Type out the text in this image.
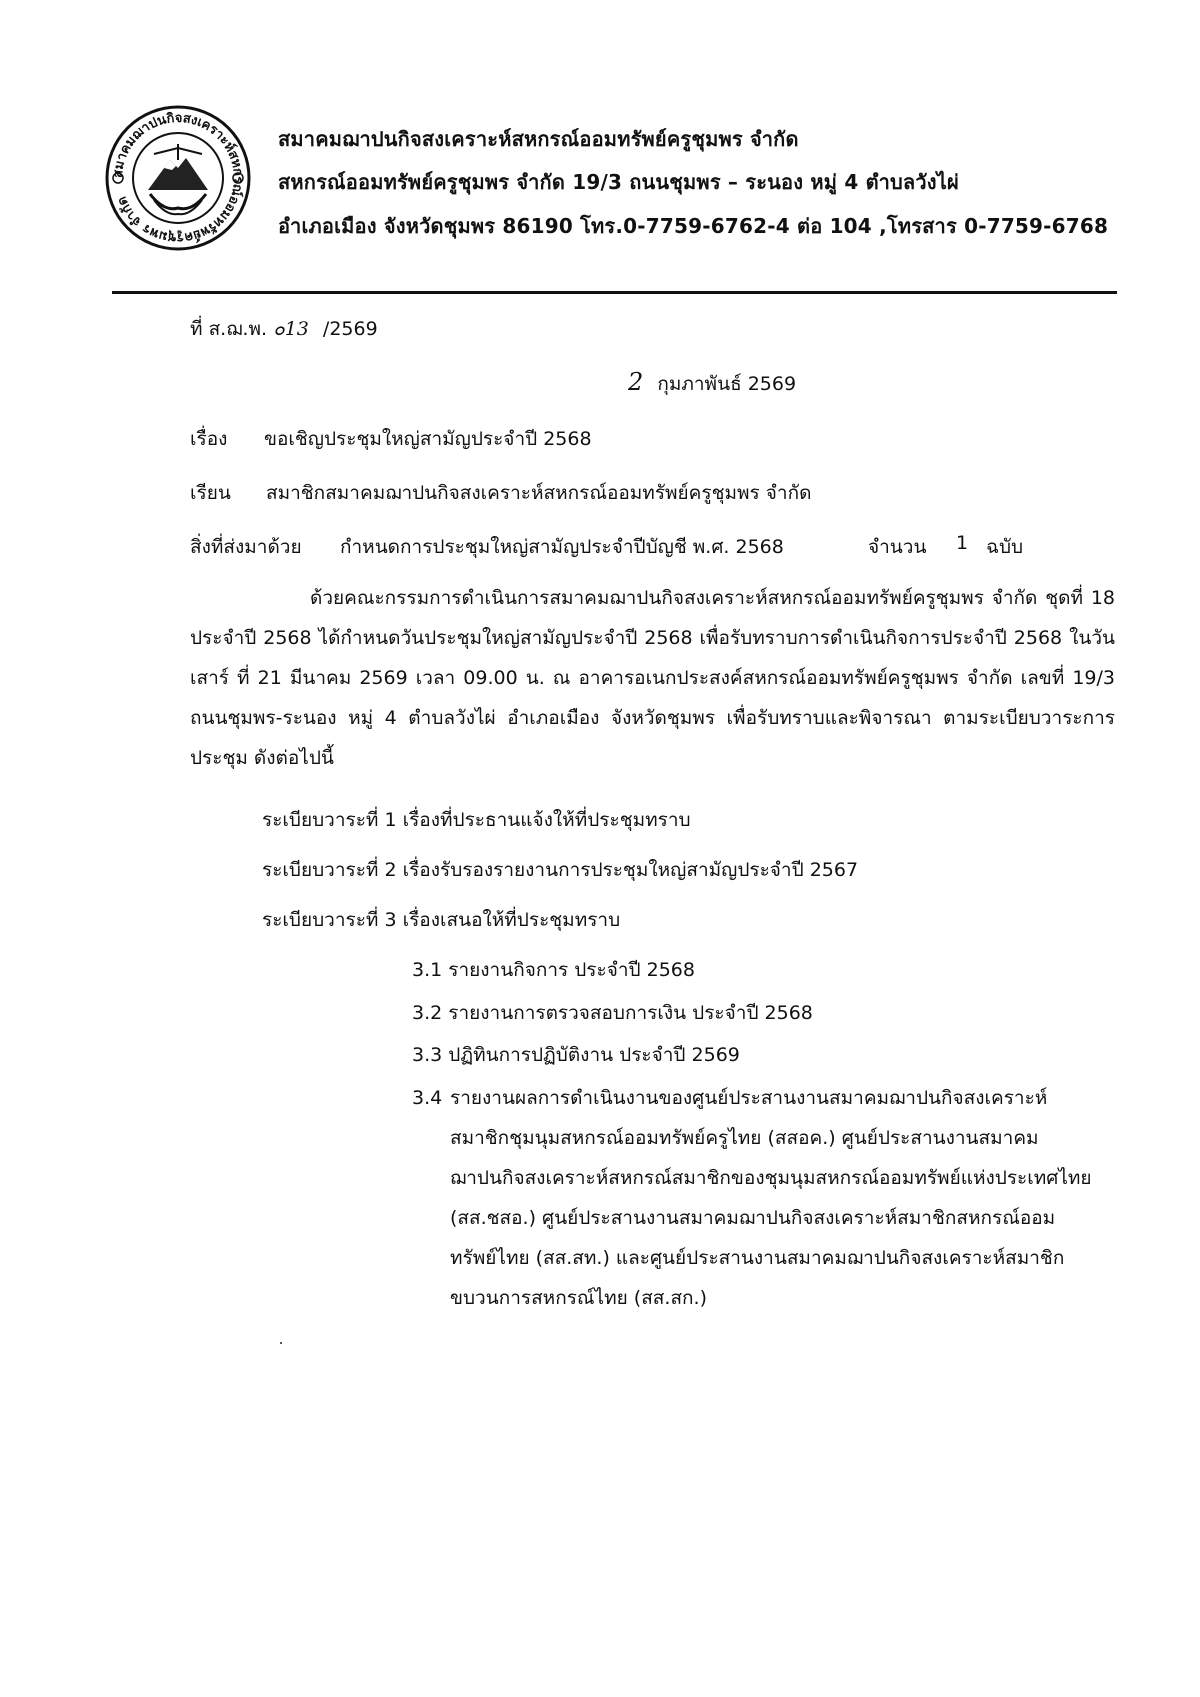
สมาคมฌาปนกิจสงเคราะห์สหกรณ์ออมทรัพย์ครูชุมพร จำกัด
สมาคมฌาปนกิจสงเคราะห์สหกรณ์ออมทรัพย์ครูชุมพร จำกัด
สหกรณ์ออมทรัพย์ครูชุมพร จำกัด 19/3 ถนนชุมพร – ระนอง หมู่ 4 ตำบลวังไผ่
อำเภอเมือง จังหวัดชุมพร 86190 โทร.0-7759-6762-4 ต่อ 104 ,โทรสาร 0-7759-6768
ที่ ส.ฌ.พ. ๐13 /2569
2 กุมภาพันธ์ 2569
เรื่อง ขอเชิญประชุมใหญ่สามัญประจำปี 2568
เรียน สมาชิกสมาคมฌาปนกิจสงเคราะห์สหกรณ์ออมทรัพย์ครูชุมพร จำกัด
สิ่งที่ส่งมาด้วย กำหนดการประชุมใหญ่สามัญประจำปีบัญชี พ.ศ. 2568	จำนวน 1 ฉบับ
ด้วยคณะกรรมการดำเนินการสมาคมฌาปนกิจสงเคราะห์สหกรณ์ออมทรัพย์ครูชุมพร จำกัด ชุดที่ 18 ประจำปี 2568 ได้กำหนดวันประชุมใหญ่สามัญประจำปี 2568 เพื่อรับทราบการดำเนินกิจการประจำปี 2568 ในวันเสาร์ ที่ 21 มีนาคม 2569 เวลา 09.00 น. ณ อาคารอเนกประสงค์สหกรณ์ออมทรัพย์ครูชุมพร จำกัด เลขที่ 19/3 ถนนชุมพร-ระนอง หมู่ 4 ตำบลวังไผ่ อำเภอเมือง จังหวัดชุมพร เพื่อรับทราบและพิจารณา ตามระเบียบวาระการประชุม ดังต่อไปนี้
ระเบียบวาระที่ 1 เรื่องที่ประธานแจ้งให้ที่ประชุมทราบ
ระเบียบวาระที่ 2 เรื่องรับรองรายงานการประชุมใหญ่สามัญประจำปี 2567
ระเบียบวาระที่ 3 เรื่องเสนอให้ที่ประชุมทราบ
3.1 รายงานกิจการ ประจำปี 2568
3.2 รายงานการตรวจสอบการเงิน ประจำปี 2568
3.3 ปฏิทินการปฏิบัติงาน ประจำปี 2569
3.4 รายงานผลการดำเนินงานของศูนย์ประสานงานสมาคมฌาปนกิจสงเคราะห์สมาชิกชุมนุมสหกรณ์ออมทรัพย์ครูไทย (สสอค.) ศูนย์ประสานงานสมาคมฌาปนกิจสงเคราะห์สหกรณ์สมาชิกของชุมนุมสหกรณ์ออมทรัพย์แห่งประเทศไทย (สส.ชสอ.) ศูนย์ประสานงานสมาคมฌาปนกิจสงเคราะห์สมาชิกสหกรณ์ออมทรัพย์ไทย (สส.สท.) และศูนย์ประสานงานสมาคมฌาปนกิจสงเคราะห์สมาชิกขบวนการสหกรณ์ไทย (สส.สก.)
